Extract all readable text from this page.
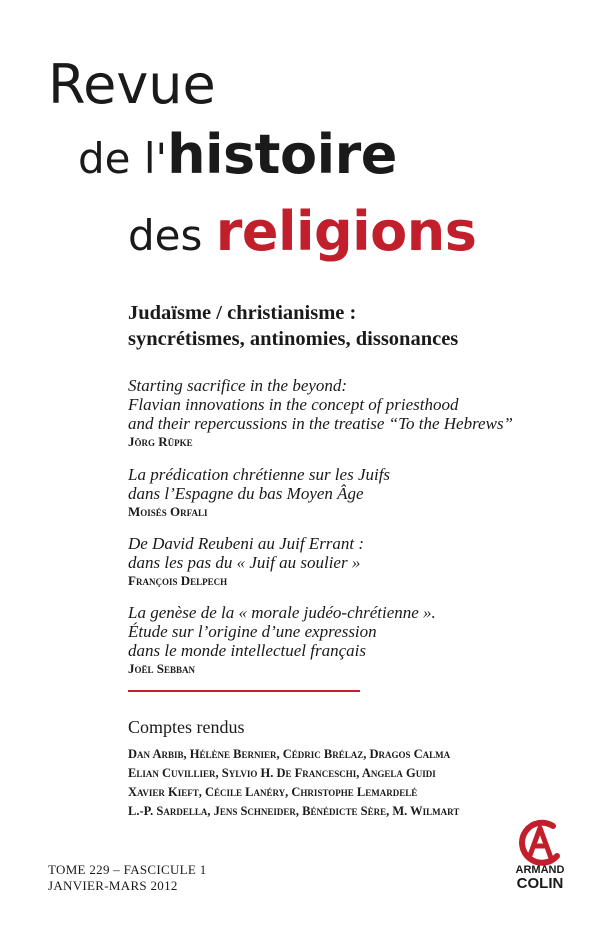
Revue
de l'histoire
des religions
Judaïsme / christianisme :
syncrétismes, antinomies, dissonances
Starting sacrifice in the beyond:
Flavian innovations in the concept of priesthood
and their repercussions in the treatise “To the Hebrews”
Jörg Rüpke
La prédication chrétienne sur les Juifs
dans l’Espagne du bas Moyen Âge
Moisés Orfali
De David Reubeni au Juif Errant :
dans les pas du « Juif au soulier »
François Delpech
La genèse de la « morale judéo-chrétienne ».
Étude sur l’origine d’une expression
dans le monde intellectuel français
Joël Sebban
Comptes rendus
Dan Arbib, Hélène Bernier, Cédric Brélaz, Dragos Calma
Elian Cuvillier, Sylvio H. De Franceschi, Angela Guidi
Xavier Kieft, Cécile Lanéry, Christophe Lemardelé
L.-P. Sardella, Jens Schneider, Bénédicte Sère, M. Wilmart
TOME 229 – FASCICULE 1
JANVIER-MARS 2012
ARMAND
COLIN
